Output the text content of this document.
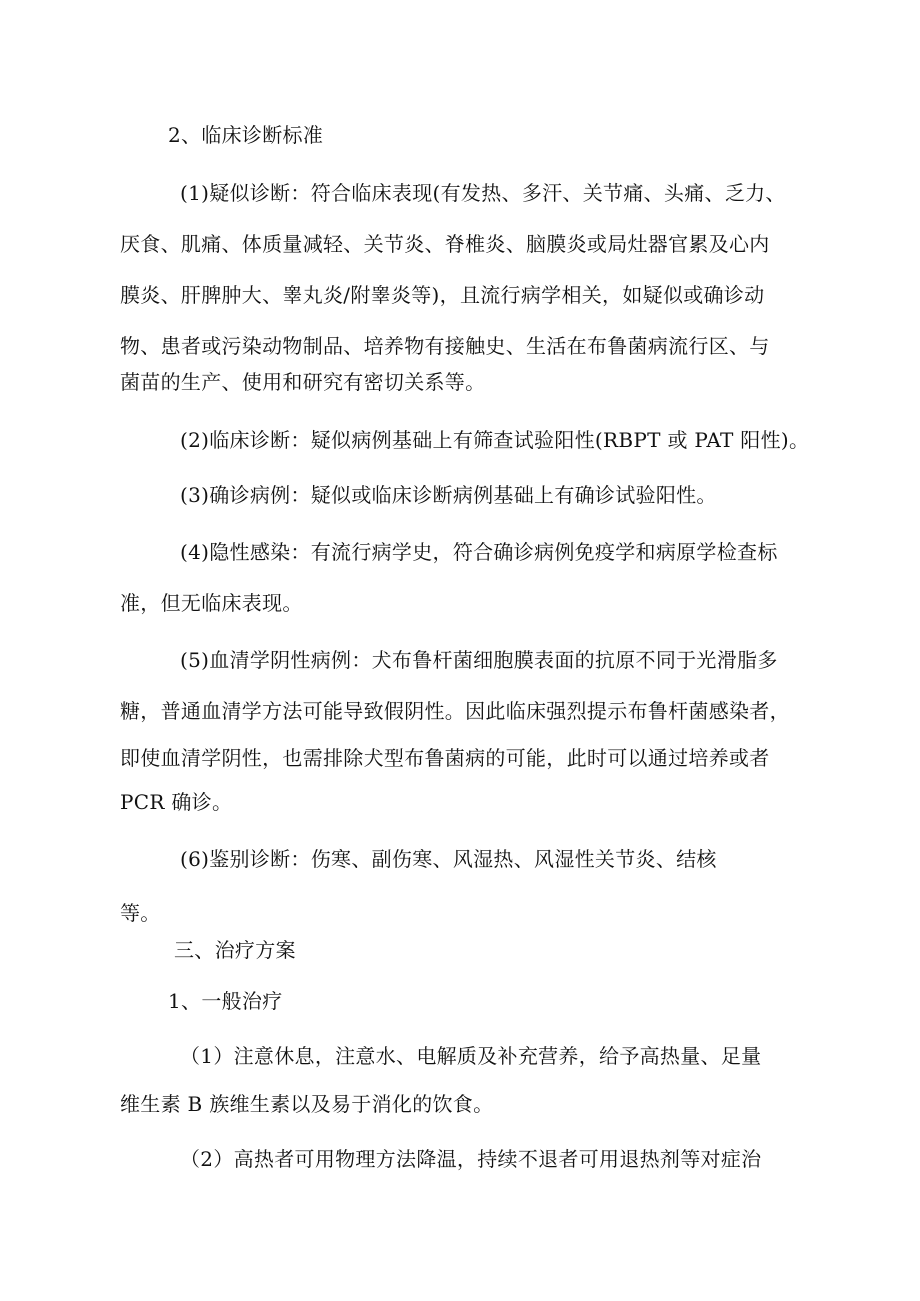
2、临床诊断标准

(1)疑似诊断：符合临床表现(有发热、多汗、关节痛、头痛、乏力、

厌食、肌痛、体质量减轻、关节炎、脊椎炎、脑膜炎或局灶器官累及心内

膜炎、肝脾肿大、睾丸炎/附睾炎等)，且流行病学相关，如疑似或确诊动

物、患者或污染动物制品、培养物有接触史、生活在布鲁菌病流行区、与

菌苗的生产、使用和研究有密切关系等。

(2)临床诊断：疑似病例基础上有筛查试验阳性(RBPT 或 PAT 阳性)。

(3)确诊病例：疑似或临床诊断病例基础上有确诊试验阳性。

(4)隐性感染：有流行病学史，符合确诊病例免疫学和病原学检查标

准，但无临床表现。

(5)血清学阴性病例：犬布鲁杆菌细胞膜表面的抗原不同于光滑脂多

糖，普通血清学方法可能导致假阴性。因此临床强烈提示布鲁杆菌感染者，

即使血清学阴性，也需排除犬型布鲁菌病的可能，此时可以通过培养或者

PCR 确诊。

(6)鉴别诊断：伤寒、副伤寒、风湿热、风湿性关节炎、结核

等。

三、治疗方案

1、一般治疗

（1）注意休息，注意水、电解质及补充营养，给予高热量、足量

维生素 B 族维生素以及易于消化的饮食。

（2）高热者可用物理方法降温，持续不退者可用退热剂等对症治
